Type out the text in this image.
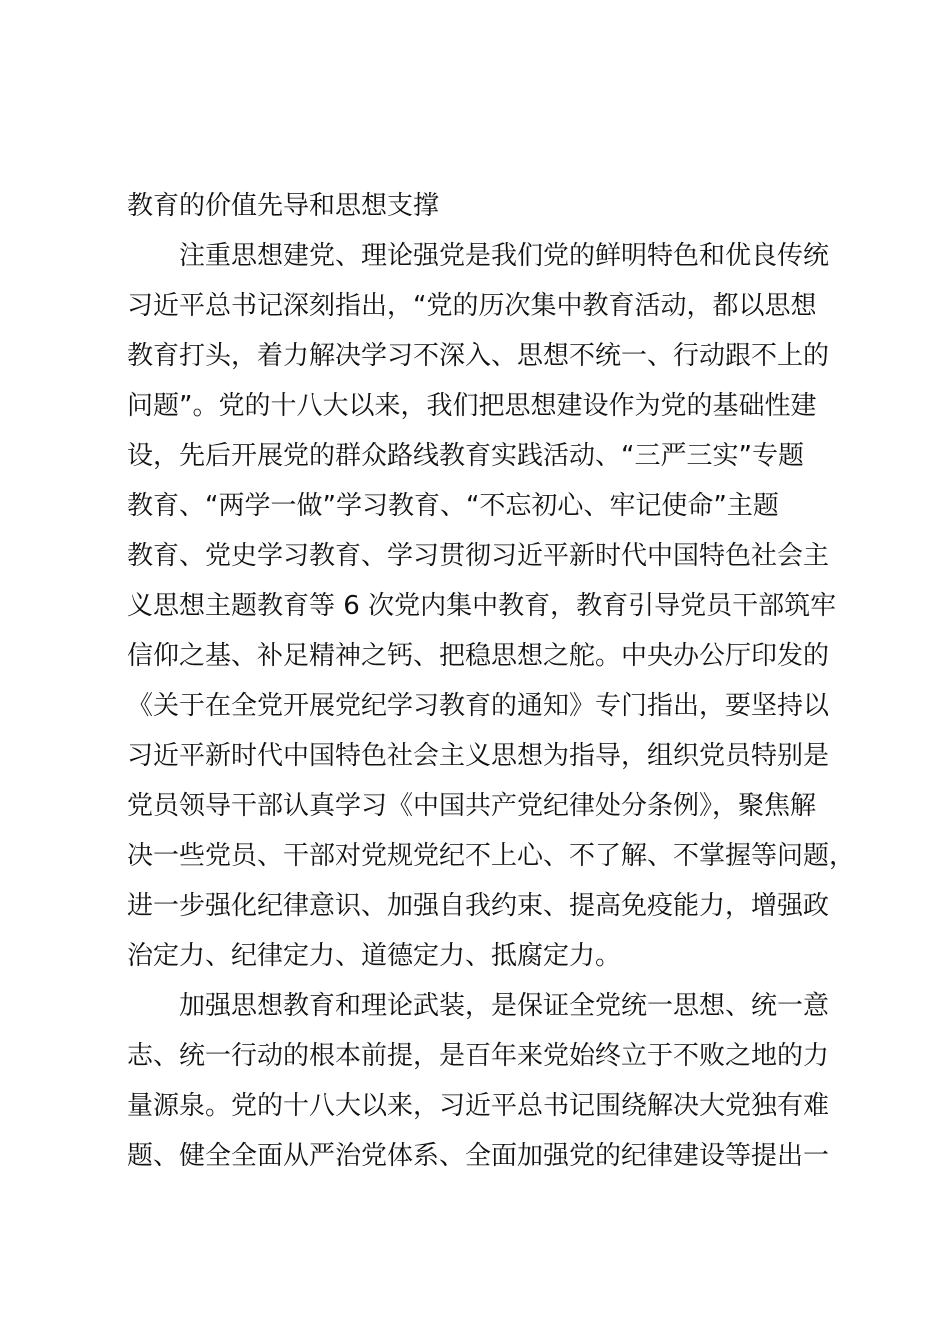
教育的价值先导和思想支撑
注重思想建党、理论强党是我们党的鲜明特色和优良传统
习近平总书记深刻指出，“党的历次集中教育活动，都以思想
教育打头，着力解决学习不深入、思想不统一、行动跟不上的
问题”。党的十八大以来，我们把思想建设作为党的基础性建
设，先后开展党的群众路线教育实践活动、“三严三实”专题
教育、“两学一做”学习教育、“不忘初心、牢记使命”主题
教育、党史学习教育、学习贯彻习近平新时代中国特色社会主
义思想主题教育等 6 次党内集中教育，教育引导党员干部筑牢
信仰之基、补足精神之钙、把稳思想之舵。中央办公厅印发的
《关于在全党开展党纪学习教育的通知》专门指出，要坚持以
习近平新时代中国特色社会主义思想为指导，组织党员特别是
党员领导干部认真学习《中国共产党纪律处分条例》，聚焦解
决一些党员、干部对党规党纪不上心、不了解、不掌握等问题，
进一步强化纪律意识、加强自我约束、提高免疫能力，增强政
治定力、纪律定力、道德定力、抵腐定力。
加强思想教育和理论武装，是保证全党统一思想、统一意
志、统一行动的根本前提，是百年来党始终立于不败之地的力
量源泉。党的十八大以来，习近平总书记围绕解决大党独有难
题、健全全面从严治党体系、全面加强党的纪律建设等提出一
